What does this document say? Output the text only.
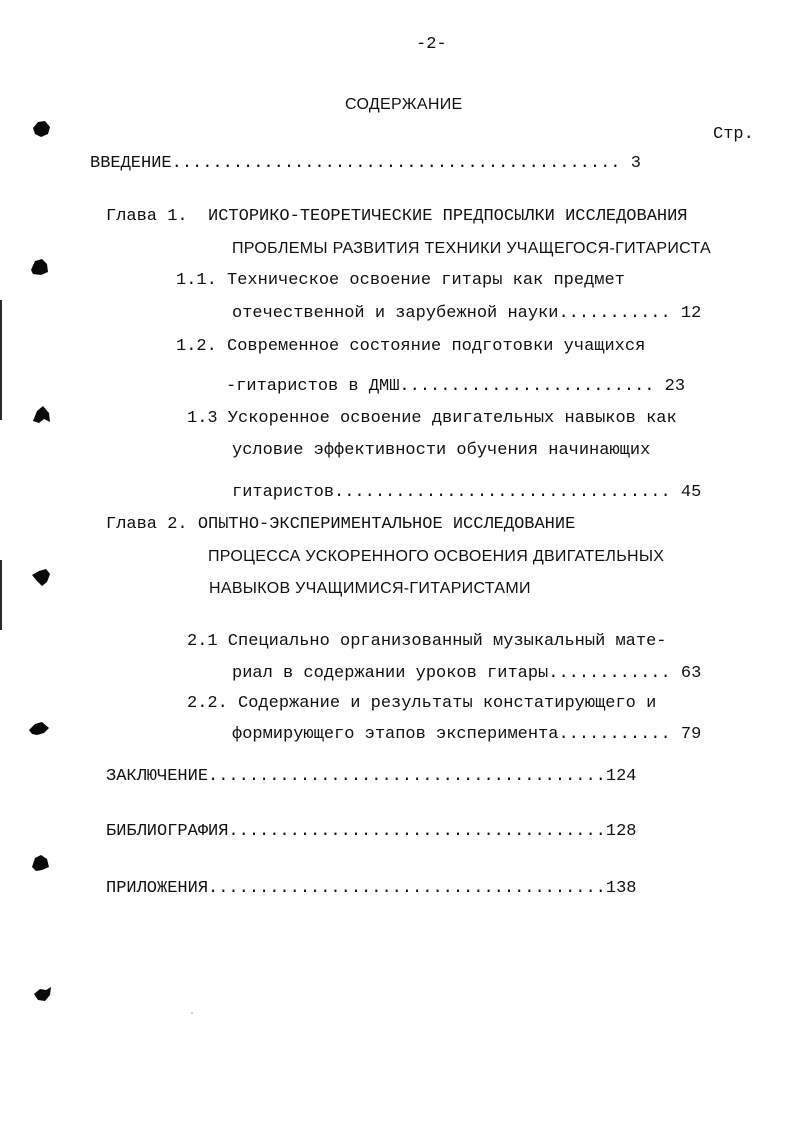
-2-
СОДЕРЖАНИЕ
Стр.
ВВЕДЕНИЕ............................................ 3
Глава 1.  ИСТОРИКО-ТЕОРЕТИЧЕСКИЕ ПРЕДПОСЫЛКИ ИССЛЕДОВАНИЯ
ПРОБЛЕМЫ РАЗВИТИЯ ТЕХНИКИ УЧАЩЕГОСЯ-ГИТАРИСТА
1.1. Техническое освоение гитары как предмет
отечественной и зарубежной науки........... 12
1.2. Современное состояние подготовки учащихся
-гитаристов в ДМШ......................... 23
1.3 Ускоренное освоение двигательных навыков как
условие эффективности обучения начинающих
гитаристов................................. 45
Глава 2. ОПЫТНО-ЭКСПЕРИМЕНТАЛЬНОЕ ИССЛЕДОВАНИЕ
ПРОЦЕССА УСКОРЕННОГО ОСВОЕНИЯ ДВИГАТЕЛЬНЫХ
НАВЫКОВ УЧАЩИМИСЯ-ГИТАРИСТАМИ
2.1 Специально организованный музыкальный мате-
риал в содержании уроков гитары............ 63
2.2. Содержание и результаты констатирующего и
формирующего этапов эксперимента........... 79
ЗАКЛЮЧЕНИЕ.......................................124
БИБЛИОГРАФИЯ.....................................128
ПРИЛОЖЕНИЯ.......................................138
